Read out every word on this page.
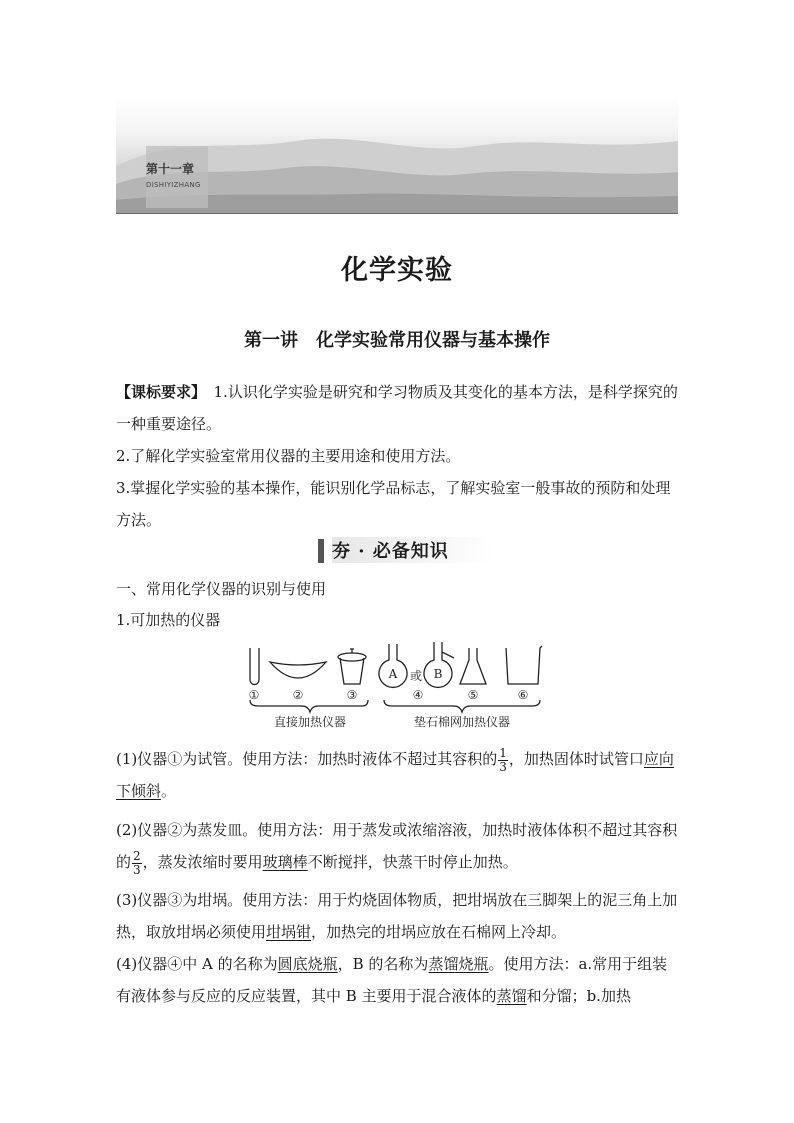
第十一章
DISHIYIZHANG
化学实验
第一讲　化学实验常用仪器与基本操作
【课标要求】　1.认识化学实验是研究和学习物质及其变化的基本方法，是科学探究的一种重要途径。
2.了解化学实验室常用仪器的主要用途和使用方法。
3.掌握化学实验的基本操作，能识别化学品标志，了解实验室一般事故的预防和处理方法。
夯 · 必备知识
一、常用化学仪器的识别与使用
1.可加热的仪器
A	B
或
①	②	③	④	⑤	⑥
直接加热仪器	垫石棉网加热仪器
(1)仪器①为试管。使用方法：加热时液体不超过其容积的 $\frac{1}{3}$ ，加热固体时试管口应向下倾斜。
(2)仪器②为蒸发皿。使用方法：用于蒸发或浓缩溶液，加热时液体体积不超过其容积的 $\frac{2}{3}$ ，蒸发浓缩时要用玻璃棒不断搅拌，快蒸干时停止加热。
(3)仪器③为坩埚。使用方法：用于灼烧固体物质，把坩埚放在三脚架上的泥三角上加热，取放坩埚必须使用坩埚钳，加热完的坩埚应放在石棉网上冷却。
(4)仪器④中 A 的名称为圆底烧瓶，B 的名称为蒸馏烧瓶。使用方法：a.常用于组装有液体参与反应的反应装置，其中 B 主要用于混合液体的蒸馏和分馏；b.加热
